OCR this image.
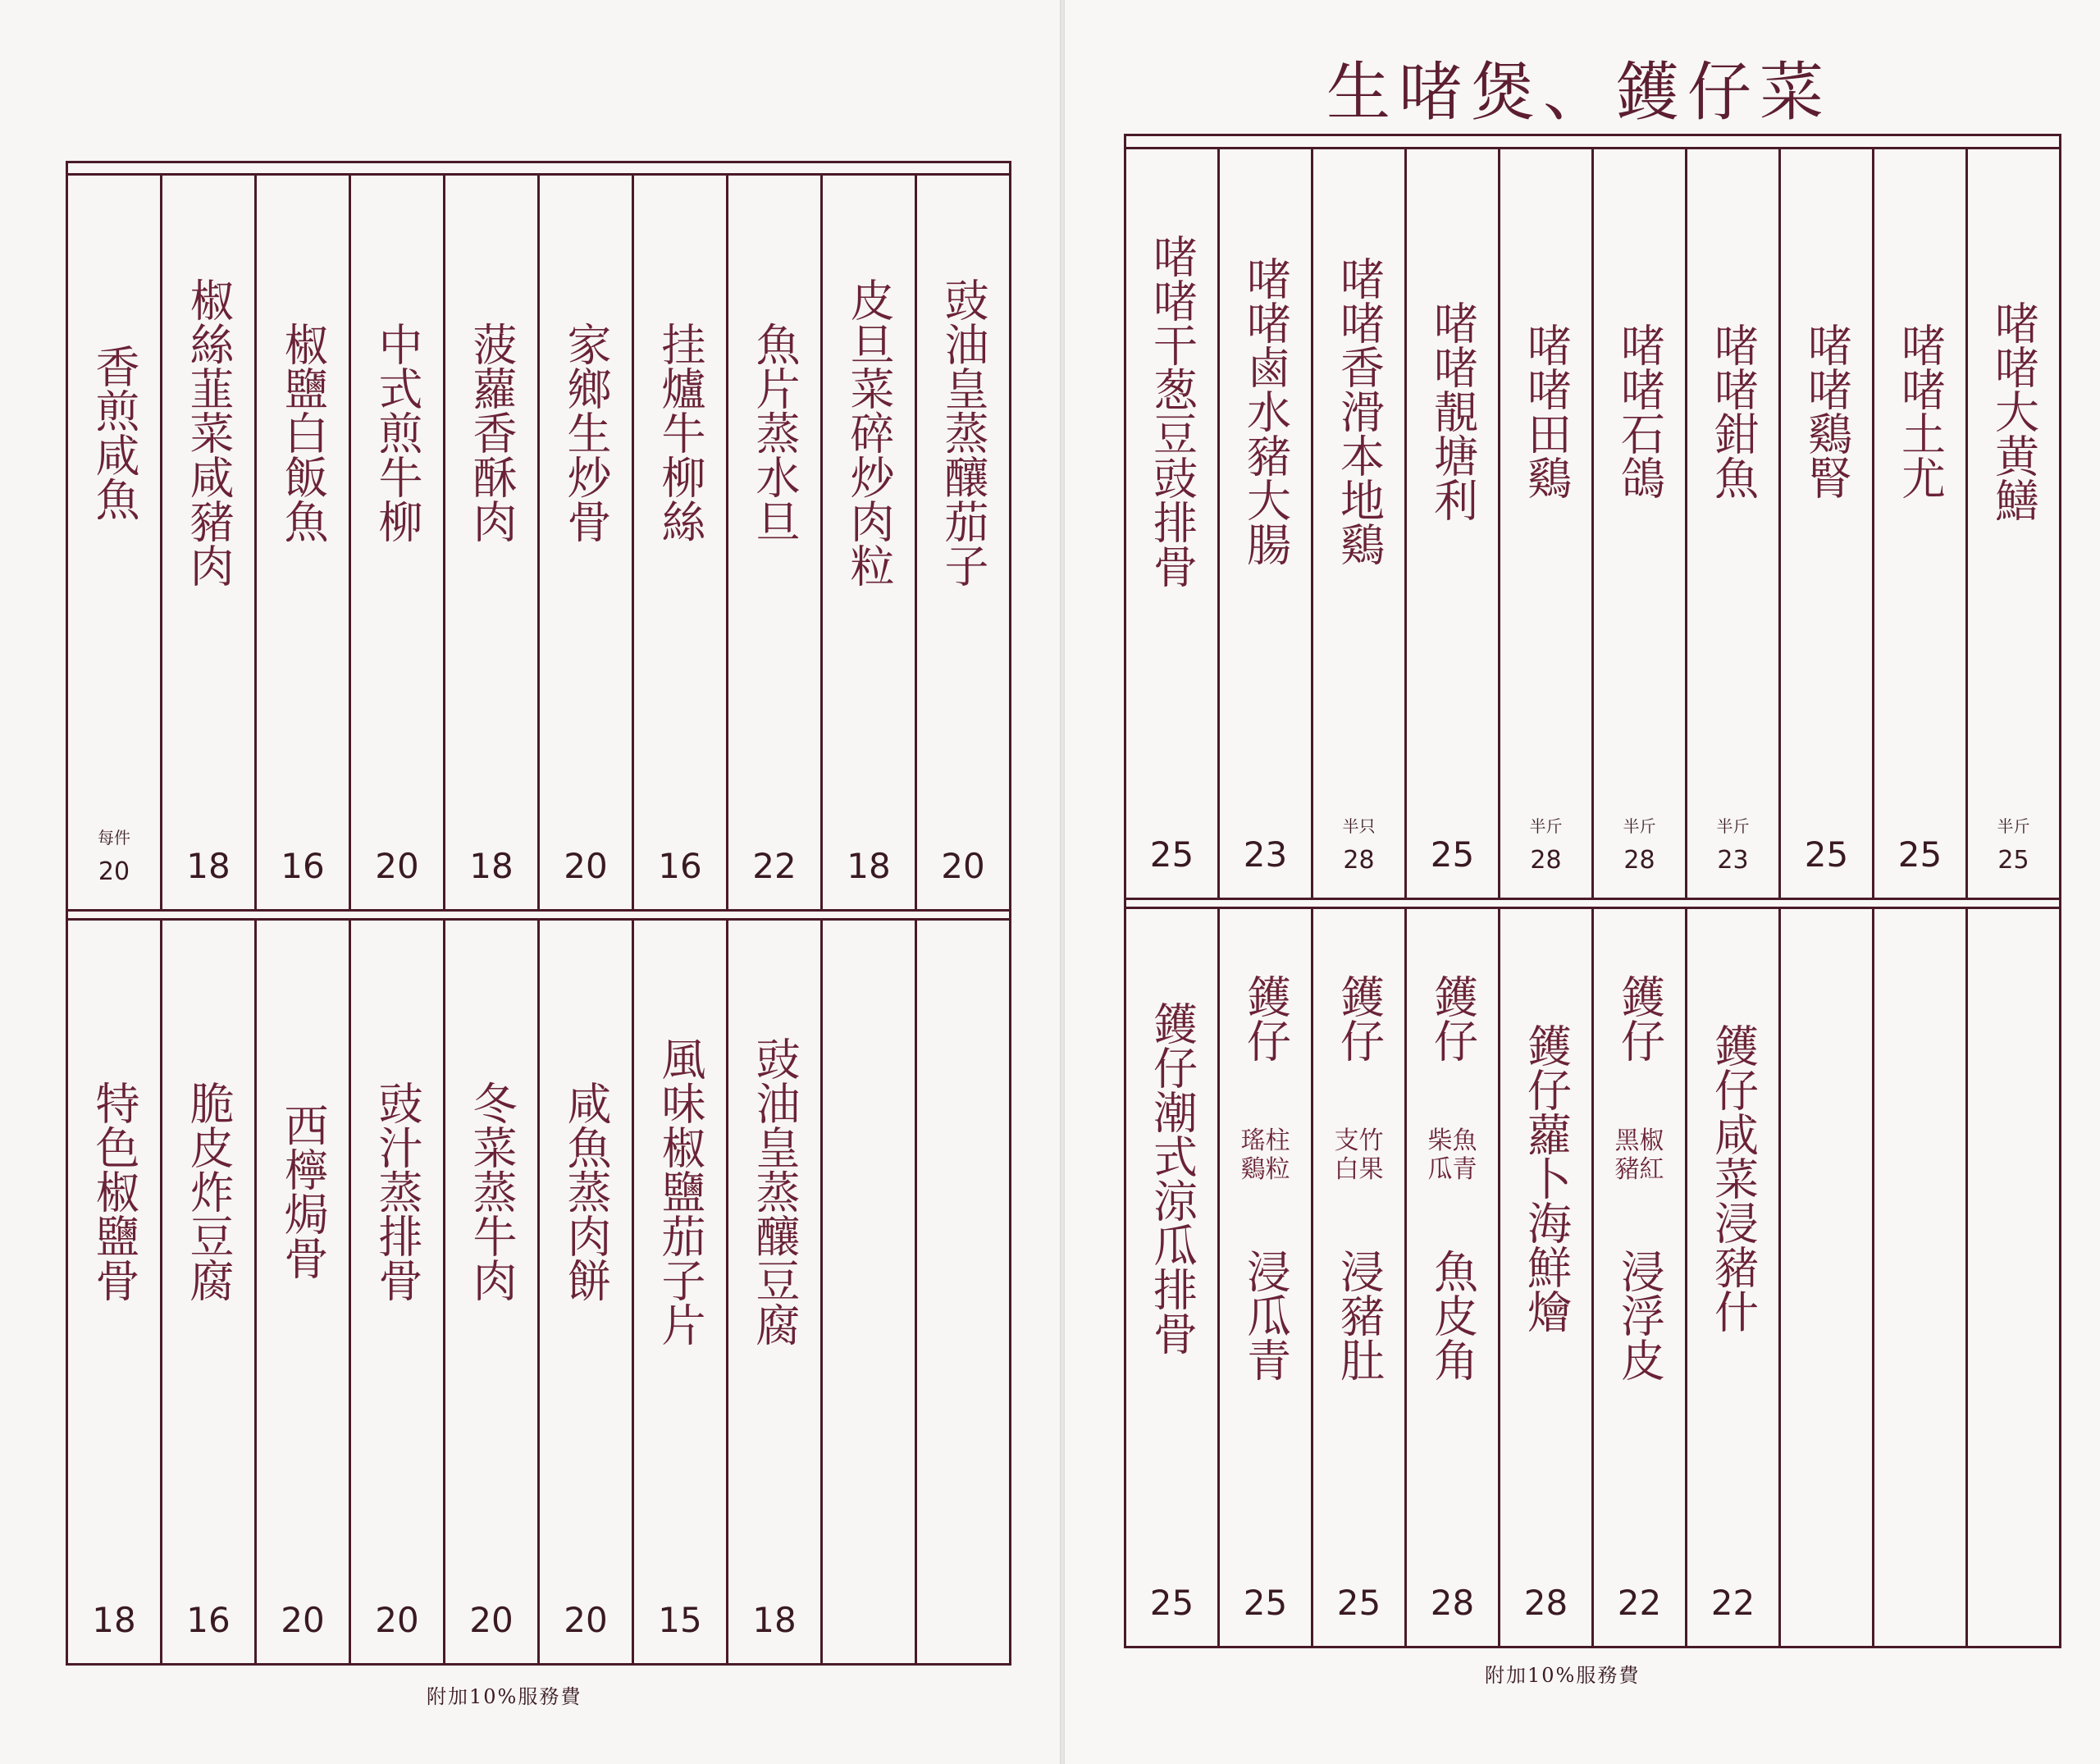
生啫煲、鑊仔菜
香煎咸魚
每件
20
椒絲韮菜咸豬肉
18
椒鹽白飯魚
16
中式煎牛柳
20
菠蘿香酥肉
18
家鄉生炒骨
20
挂爐牛柳絲
16
魚片蒸水旦
22
皮旦菜碎炒肉粒
18
豉油皇蒸釀茄子
20
特色椒鹽骨
18
脆皮炸豆腐
16
西檸焗骨
20
豉汁蒸排骨
20
冬菜蒸牛肉
20
咸魚蒸肉餅
20
風味椒鹽茄子片
15
豉油皇蒸釀豆腐
18
附加10%服務費
啫啫干葱豆豉排骨
25
啫啫鹵水豬大腸
23
啫啫香滑本地鷄
半只
28
啫啫靚塘利
25
啫啫田鷄
半斤
28
啫啫石鴿
半斤
28
啫啫鉗魚
半斤
23
啫啫鷄腎
25
啫啫土尤
25
啫啫大黄鱔
半斤
25
鑊仔潮式涼瓜排骨
25
鑊仔
瑤柱鷄粒
浸瓜青
25
鑊仔
支竹白果
浸豬肚
25
鑊仔
柴魚瓜青
魚皮角
28
鑊仔蘿卜海鮮燴
28
鑊仔
黑椒豬紅
浸浮皮
22
鑊仔咸菜浸豬什
22
附加10%服務費
